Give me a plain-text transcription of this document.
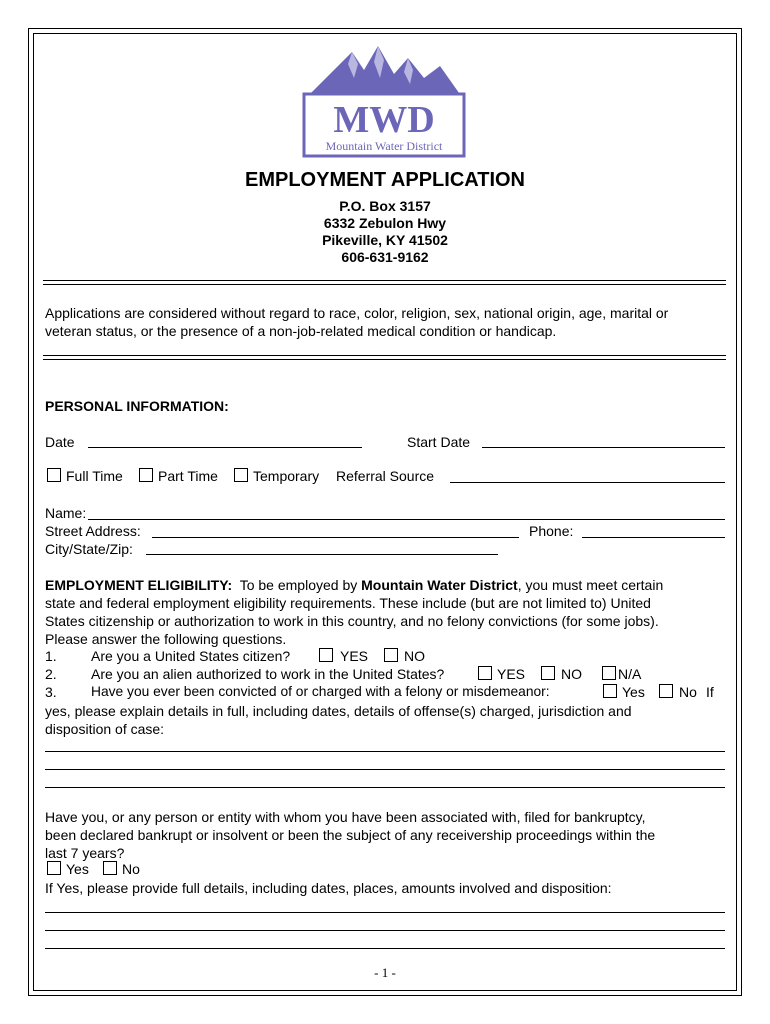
MWD
Mountain Water District
EMPLOYMENT APPLICATION
P.O. Box 3157
6332 Zebulon Hwy
Pikeville, KY 41502
606-631-9162
Applications are considered without regard to race, color, religion, sex, national origin, age, marital or
veteran status, or the presence of a non-job-related medical condition or handicap.
PERSONAL INFORMATION:
Date	Start Date
Full Time	Part Time	Temporary Referral Source
Name:
Street Address:	Phone:
City/State/Zip:
EMPLOYMENT ELIGIBILITY: To be employed by Mountain Water District, you must meet certain
state and federal employment eligibility requirements. These include (but are not limited to) United
States citizenship or authorization to work in this country, and no felony convictions (for some jobs).
Please answer the following questions.
1. Are you a United States citizen?	YES	NO
2. Are you an alien authorized to work in the United States?	YES	NO	N/A
3. Have you ever been convicted of or charged with a felony or misdemeanor:	Yes No If
yes, please explain details in full, including dates, details of offense(s) charged, jurisdiction and
disposition of case:
Have you, or any person or entity with whom you have been associated with, filed for bankruptcy,
been declared bankrupt or insolvent or been the subject of any receivership proceedings within the
last 7 years?
Yes No
If Yes, please provide full details, including dates, places, amounts involved and disposition:
- 1 -
